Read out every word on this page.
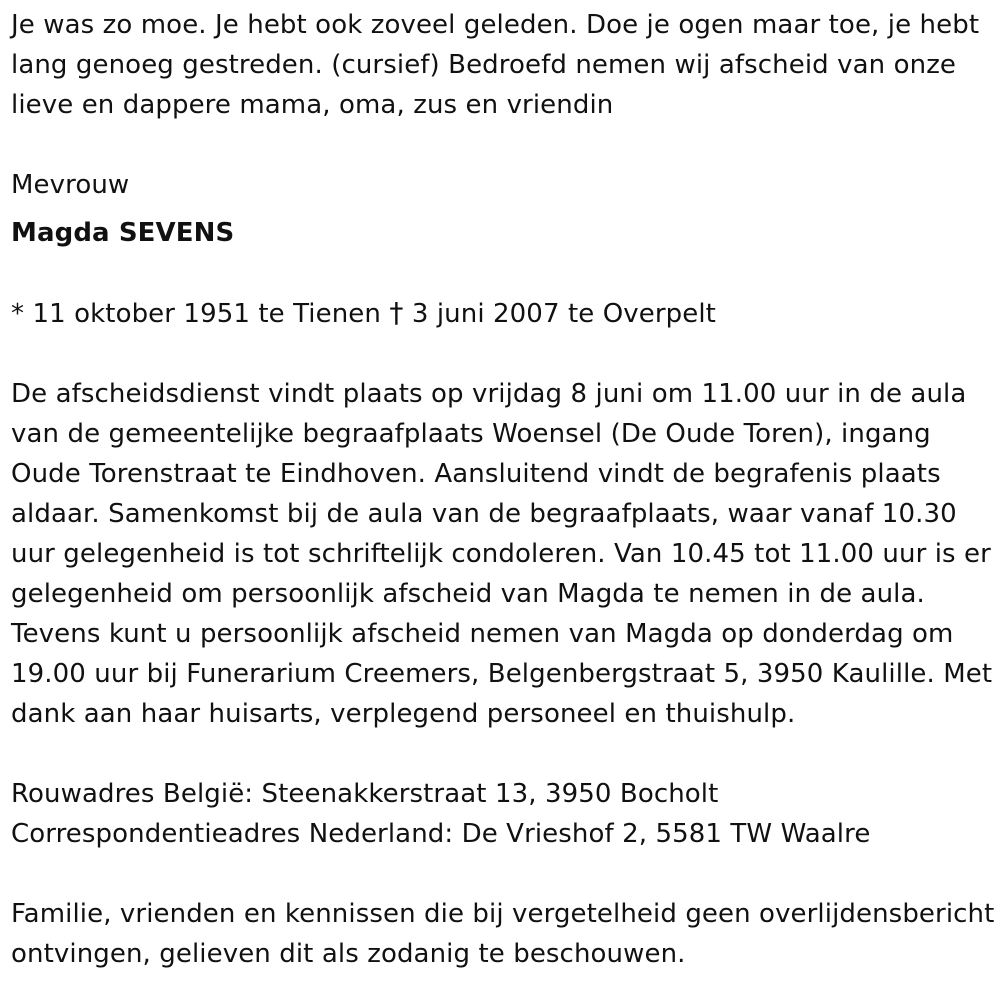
Je was zo moe. Je hebt ook zoveel geleden. Doe je ogen maar toe, je hebt lang genoeg gestreden. (cursief) Bedroefd nemen wij afscheid van onze lieve en dappere mama, oma, zus en vriendin

Mevrouw

Magda SEVENS

* 11 oktober 1951 te Tienen † 3 juni 2007 te Overpelt

De afscheidsdienst vindt plaats op vrijdag 8 juni om 11.00 uur in de aula van de gemeentelijke begraafplaats Woensel (De Oude Toren), ingang Oude Torenstraat te Eindhoven. Aansluitend vindt de begrafenis plaats aldaar. Samenkomst bij de aula van de begraafplaats, waar vanaf 10.30 uur gelegenheid is tot schriftelijk condoleren. Van 10.45 tot 11.00 uur is er gelegenheid om persoonlijk afscheid van Magda te nemen in de aula. Tevens kunt u persoonlijk afscheid nemen van Magda op donderdag om 19.00 uur bij Funerarium Creemers, Belgenbergstraat 5, 3950 Kaulille. Met dank aan haar huisarts, verplegend personeel en thuishulp.

Rouwadres België: Steenakkerstraat 13, 3950 Bocholt

Correspondentieadres Nederland: De Vrieshof 2, 5581 TW Waalre

Familie, vrienden en kennissen die bij vergetelheid geen overlijdensbericht ontvingen, gelieven dit als zodanig te beschouwen.
